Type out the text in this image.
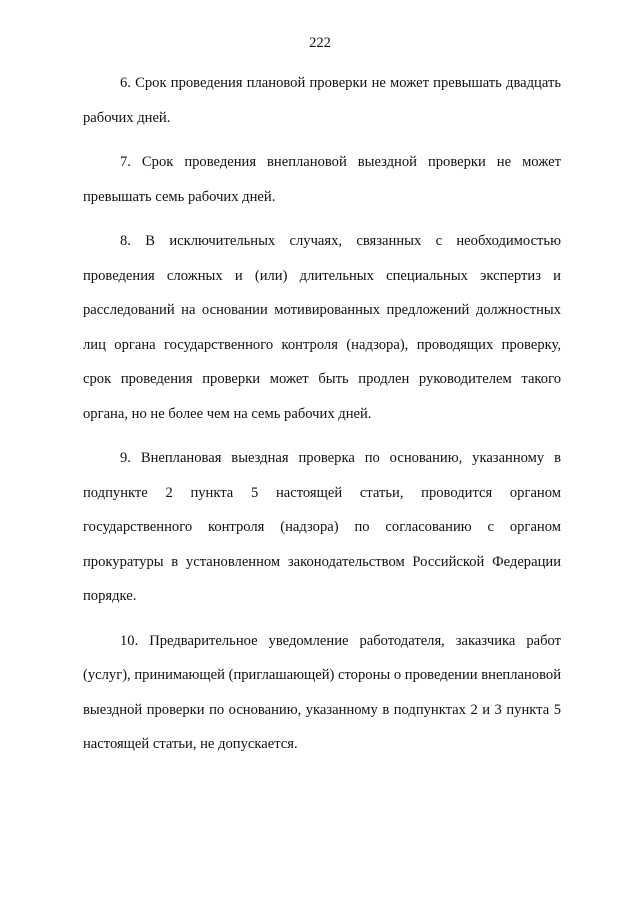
222

6. Срок проведения плановой проверки не может превышать двадцать рабочих дней.

7. Срок проведения внеплановой выездной проверки не может превышать семь рабочих дней.

8. В исключительных случаях, связанных с необходимостью проведения сложных и (или) длительных специальных экспертиз и расследований на основании мотивированных предложений должностных лиц органа государственного контроля (надзора), проводящих проверку, срок проведения проверки может быть продлен руководителем такого органа, но не более чем на семь рабочих дней.

9. Внеплановая выездная проверка по основанию, указанному в подпункте 2 пункта 5 настоящей статьи, проводится органом государственного контроля (надзора) по согласованию с органом прокуратуры в установленном законодательством Российской Федерации порядке.

10. Предварительное уведомление работодателя, заказчика работ (услуг), принимающей (приглашающей) стороны о проведении внеплановой выездной проверки по основанию, указанному в подпунктах 2 и 3 пункта 5 настоящей статьи, не допускается.
